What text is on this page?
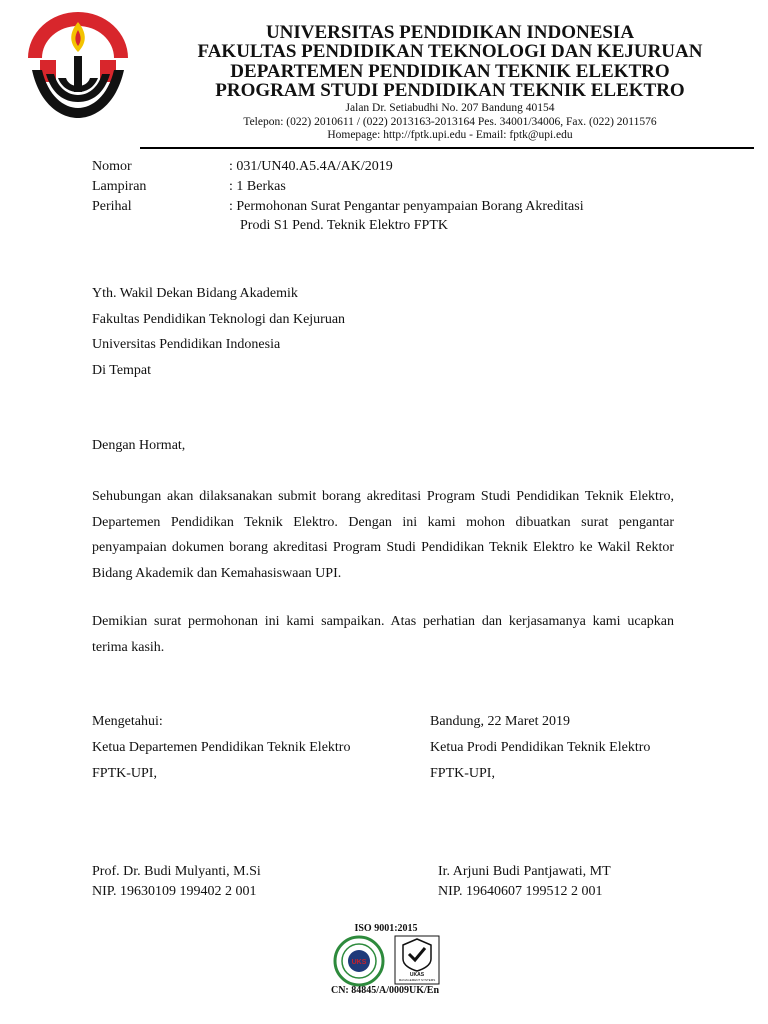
UNIVERSITAS PENDIDIKAN INDONESIA
FAKULTAS PENDIDIKAN TEKNOLOGI DAN KEJURUAN
DEPARTEMEN PENDIDIKAN TEKNIK ELEKTRO
PROGRAM STUDI PENDIDIKAN TEKNIK ELEKTRO
Jalan Dr. Setiabudhi No. 207 Bandung 40154
Telepon: (022) 2010611 / (022) 2013163-2013164 Pes. 34001/34006, Fax. (022) 2011576
Homepage: http://fptk.upi.edu - Email: fptk@upi.edu
Nomor	: 031/UN40.A5.4A/AK/2019
Lampiran	: 1 Berkas
Perihal	: Permohonan Surat Pengantar penyampaian Borang Akreditasi
Prodi S1 Pend. Teknik Elektro FPTK
Yth. Wakil Dekan Bidang Akademik
Fakultas Pendidikan Teknologi dan Kejuruan
Universitas Pendidikan Indonesia
Di Tempat
Dengan Hormat,
Sehubungan akan dilaksanakan submit borang akreditasi Program Studi Pendidikan Teknik Elektro, Departemen Pendidikan Teknik Elektro. Dengan ini kami mohon dibuatkan surat pengantar penyampaian dokumen borang akreditasi Program Studi Pendidikan Teknik Elektro ke Wakil Rektor Bidang Akademik dan Kemahasiswaan UPI.
Demikian surat permohonan ini kami sampaikan. Atas perhatian dan kerjasamanya kami ucapkan terima kasih.
Mengetahui:
Ketua Departemen Pendidikan Teknik Elektro
FPTK-UPI,
Prof. Dr. Budi Mulyanti, M.Si
NIP. 19630109 199402 2 001
Bandung, 22 Maret 2019
Ketua Prodi Pendidikan Teknik Elektro
FPTK-UPI,
Ir. Arjuni Budi Pantjawati, MT
NIP. 19640607 199512 2 001
ISO 9001:2015
UKS
UKAS
MANAGEMENT SYSTEMS
CN: 84845/A/0009UK/En
